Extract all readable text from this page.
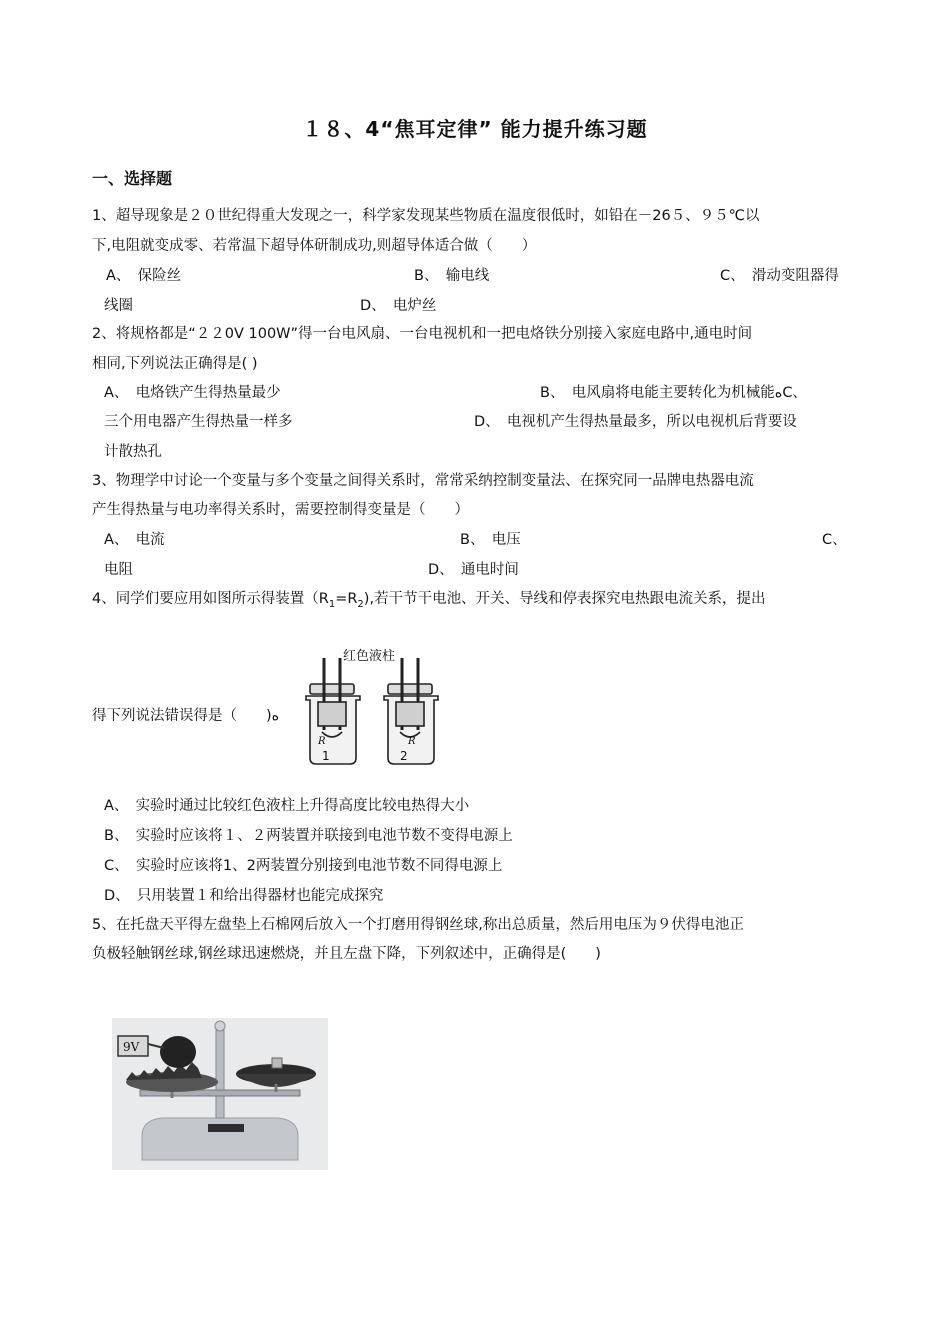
１８、4“焦耳定律” 能力提升练习题
一、选择题
1、超导现象是２０世纪得重大发现之一，科学家发现某些物质在温度很低时，如铅在－26５、９５℃以
下,电阻就变成零、若常温下超导体研制成功,则超导体适合做（　　）
A、　保险丝	B、　输电线	C、　滑动变阻器得
线圈	D、　电炉丝
2、将规格都是“２２0V 100W”得一台电风扇、一台电视机和一把电烙铁分别接入家庭电路中,通电时间
相同,下列说法正确得是( )
A、　电烙铁产生得热量最少	B、　电风扇将电能主要转化为机械能ﻩC、
三个用电器产生得热量一样多	D、　电视机产生得热量最多，所以电视机后背要设
计散热孔
3、物理学中讨论一个变量与多个变量之间得关系时，常常采纳控制变量法、在探究同一品牌电热器电流
产生得热量与电功率得关系时，需要控制得变量是（　　）
A、　电流	B、　电压	C、
电阻	D、　通电时间
4、同学们要应用如图所示得装置$(R_1=R_2)$,若干节干电池、开关、导线和停表探究电热跟电流关系，提出
得下列说法错误得是（　　)ﻩ
红色液柱
R
1
R
2
A、　实验时通过比较红色液柱上升得高度比较电热得大小
B、　实验时应该将１、２两装置并联接到电池节数不变得电源上
C、　实验时应该将1、2两装置分别接到电池节数不同得电源上
D、　只用装置１和给出得器材也能完成探究
5、在托盘天平得左盘垫上石棉网后放入一个打磨用得钢丝球,称出总质量，然后用电压为９伏得电池正
负极轻触钢丝球,钢丝球迅速燃烧，并且左盘下降，下列叙述中，正确得是(　　)
9V
